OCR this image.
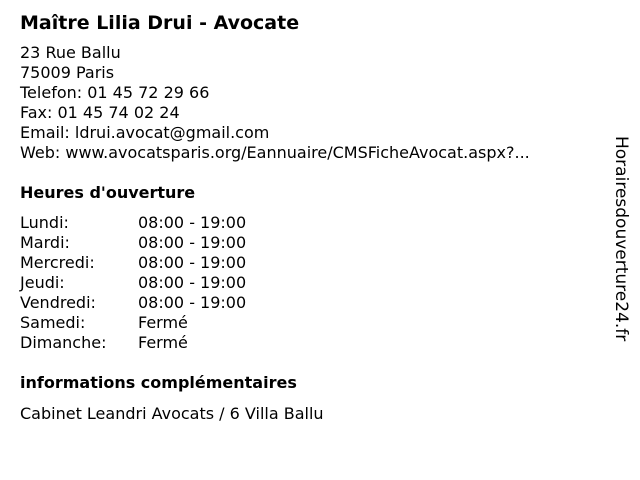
Maître Lilia Drui - Avocate
23 Rue Ballu
75009 Paris
Telefon: 01 45 72 29 66
Fax: 01 45 74 02 24
Email: ldrui.avocat@gmail.com
Web: www.avocatsparis.org/Eannuaire/CMSFicheAvocat.aspx?...
Heures d'ouverture
Lundi:	08:00 - 19:00
Mardi:	08:00 - 19:00
Mercredi:	08:00 - 19:00
Jeudi:	08:00 - 19:00
Vendredi:	08:00 - 19:00
Samedi:	Fermé
Dimanche:	Fermé
informations complémentaires
Cabinet Leandri Avocats / 6 Villa Ballu
Horairesdouverture24.fr
